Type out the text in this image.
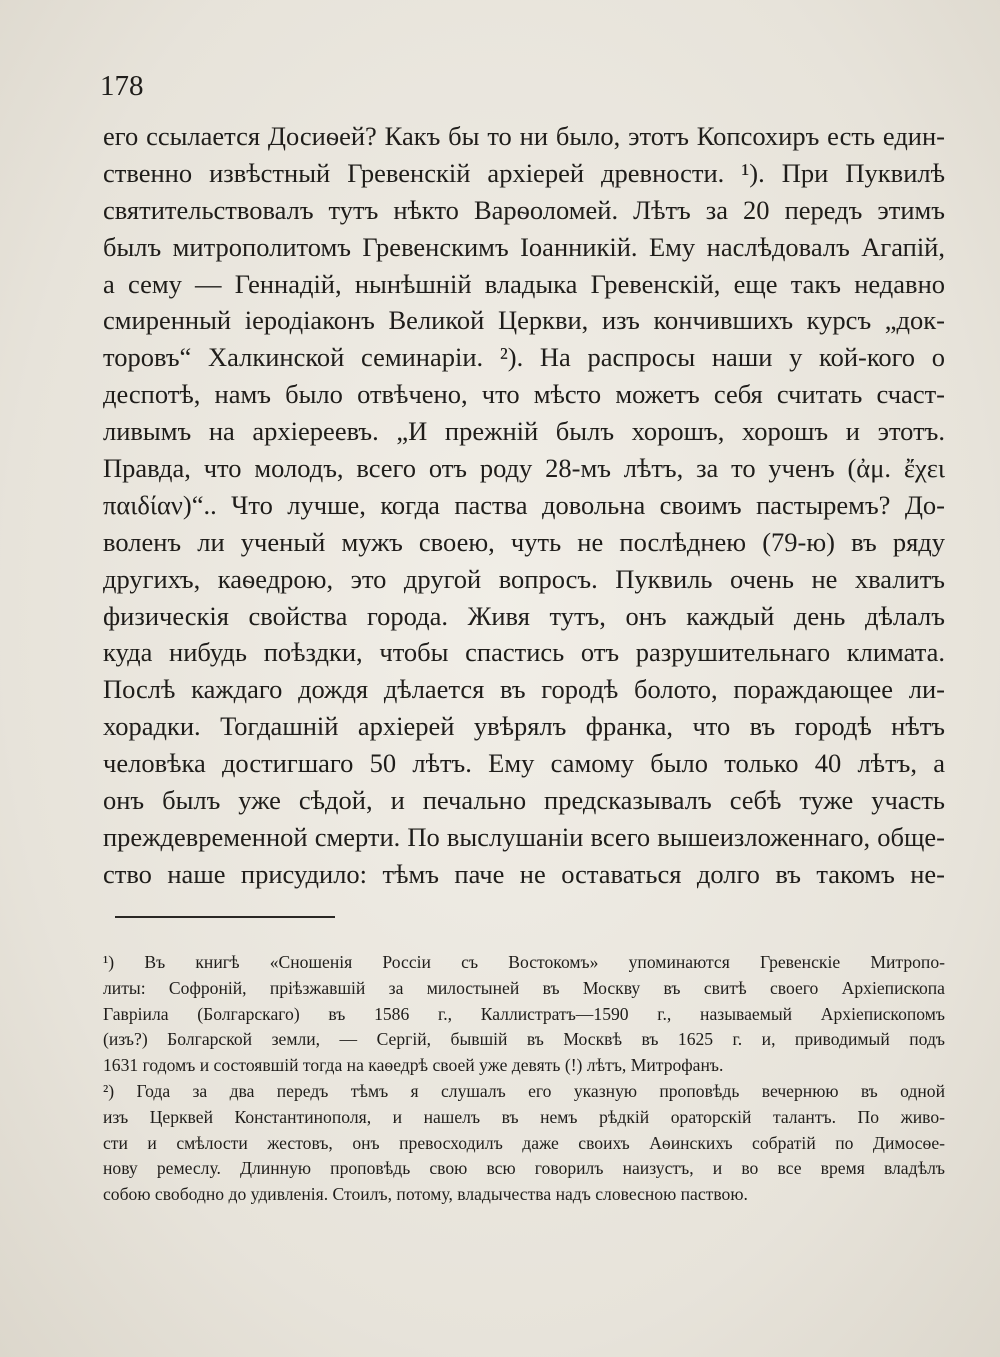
178
его ссылается Досиѳей? Какъ бы то ни было, этотъ Копсохиръ есть един-
ственно извѣстный Гревенскій архіерей древности. ¹). При Пуквилѣ
святительствовалъ тутъ нѣкто Варѳоломей. Лѣтъ за 20 передъ этимъ
былъ митрополитомъ Гревенскимъ Іоанникій. Ему наслѣдовалъ Агапій,
а сему — Геннадій, нынѣшній владыка Гревенскій, еще такъ недавно
смиренный іеродіаконъ Великой Церкви, изъ кончившихъ курсъ „док-
торовъ“ Халкинской семинаріи. ²). На распросы наши у кой-кого о
деспотѣ, намъ было отвѣчено, что мѣсто можетъ себя считать счаст-
ливымъ на архіереевъ. „И прежній былъ хорошъ, хорошъ и этотъ.
Правда, что молодъ, всего отъ роду 28-мъ лѣтъ, за то ученъ (ἀμ. ἔχει
παιδίαν)“.. Что лучше, когда паства довольна своимъ пастыремъ? До-
воленъ ли ученый мужъ своею, чуть не послѣднею (79-ю) въ ряду
другихъ, каѳедрою, это другой вопросъ. Пуквиль очень не хвалитъ
физическія свойства города. Живя тутъ, онъ каждый день дѣлалъ
куда нибудь поѣздки, чтобы спастись отъ разрушительнаго климата.
Послѣ каждаго дождя дѣлается въ городѣ болото, пораждающее ли-
хорадки. Тогдашній архіерей увѣрялъ франка, что въ городѣ нѣтъ
человѣка достигшаго 50 лѣтъ. Ему самому было только 40 лѣтъ, а
онъ былъ уже сѣдой, и печально предсказывалъ себѣ туже участь
преждевременной смерти. По выслушаніи всего вышеизложеннаго, обще-
ство наше присудило: тѣмъ паче не оставаться долго въ такомъ не-
¹) Въ книгѣ «Сношенія Россіи съ Востокомъ» упоминаются Гревенскіе Митропо-
литы: Софроній, пріѣзжавшій за милостыней въ Москву въ свитѣ своего Архіепископа
Гавріила (Болгарскаго) въ 1586 г., Каллистратъ—1590 г., называемый Архіепископомъ
(изъ?) Болгарской земли, — Сергій, бывшій въ Москвѣ въ 1625 г. и, приводимый подъ
1631 годомъ и состоявшій тогда на каѳедрѣ своей уже девять (!) лѣтъ, Митрофанъ.
²) Года за два передъ тѣмъ я слушалъ его указную проповѣдь вечернюю въ одной
изъ Церквей Константинополя, и нашелъ въ немъ рѣдкій ораторскій талантъ. По живо-
сти и смѣлости жестовъ, онъ превосходилъ даже своихъ Аѳинскихъ собратій по Димосѳе-
нову ремеслу. Длинную проповѣдь свою всю говорилъ наизустъ, и во все время владѣлъ
собою свободно до удивленія. Стоилъ, потому, владычества надъ словесною паствою.
